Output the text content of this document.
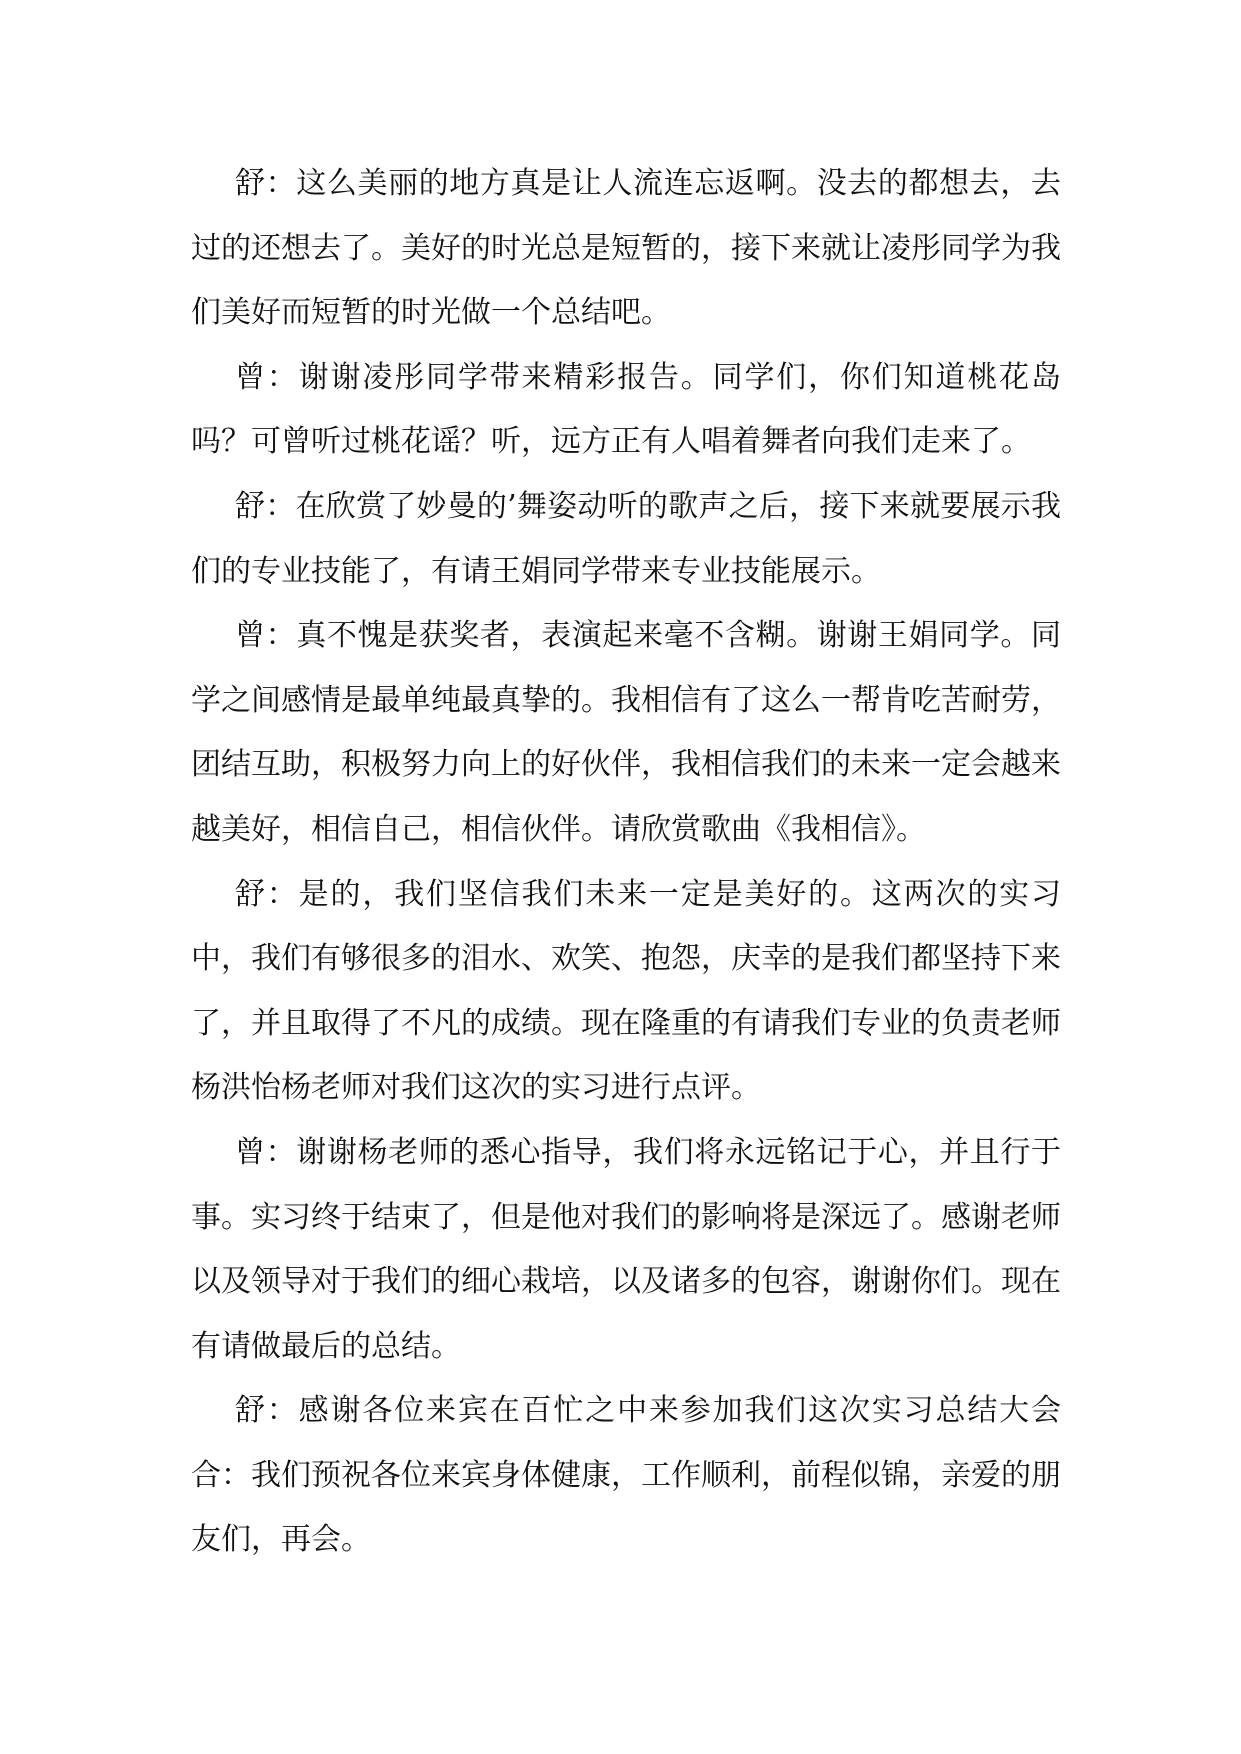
舒：这么美丽的地方真是让人流连忘返啊。没去的都想去，去过的还想去了。美好的时光总是短暂的，接下来就让凌彤同学为我们美好而短暂的时光做一个总结吧。

曾：谢谢凌彤同学带来精彩报告。同学们，你们知道桃花岛吗？可曾听过桃花谣？听，远方正有人唱着舞者向我们走来了。

舒：在欣赏了妙曼的’舞姿动听的歌声之后，接下来就要展示我们的专业技能了，有请王娟同学带来专业技能展示。

曾：真不愧是获奖者，表演起来毫不含糊。谢谢王娟同学。同学之间感情是最单纯最真挚的。我相信有了这么一帮肯吃苦耐劳，团结互助，积极努力向上的好伙伴，我相信我们的未来一定会越来越美好，相信自己，相信伙伴。请欣赏歌曲《我相信》。

舒：是的，我们坚信我们未来一定是美好的。这两次的实习中，我们有够很多的泪水、欢笑、抱怨，庆幸的是我们都坚持下来了，并且取得了不凡的成绩。现在隆重的有请我们专业的负责老师杨洪怡杨老师对我们这次的实习进行点评。

曾：谢谢杨老师的悉心指导，我们将永远铭记于心，并且行于事。实习终于结束了，但是他对我们的影响将是深远了。感谢老师以及领导对于我们的细心栽培，以及诸多的包容，谢谢你们。现在有请做最后的总结。

舒：感谢各位来宾在百忙之中来参加我们这次实习总结大会合：我们预祝各位来宾身体健康，工作顺利，前程似锦，亲爱的朋友们，再会。
